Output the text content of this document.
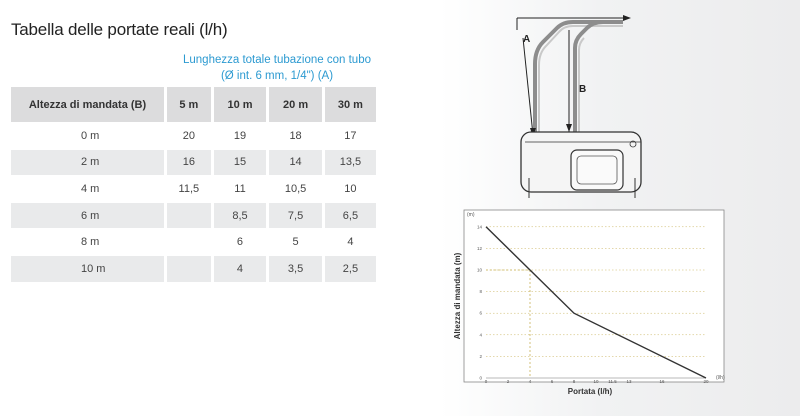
Tabella delle portate reali (l/h)
Lunghezza totale tubazione con tubo
(Ø int. 6 mm, 1/4") (A)
Altezza di mandata (B)	5 m	10 m	20 m	30 m
0 m	20	19	18	17
2 m	16	15	14	13,5
4 m	11,5	11	10,5	10
6 m		8,5	7,5	6,5
8 m		6	5	4
10 m		4	3,5	2,5
A
B
0
2
4
6
8
10
12
14
0	2	4	6	8	10 11.5 13	16	20
(m)
(l/h)
Portata (l/h)
Altezza di mandata (m)
